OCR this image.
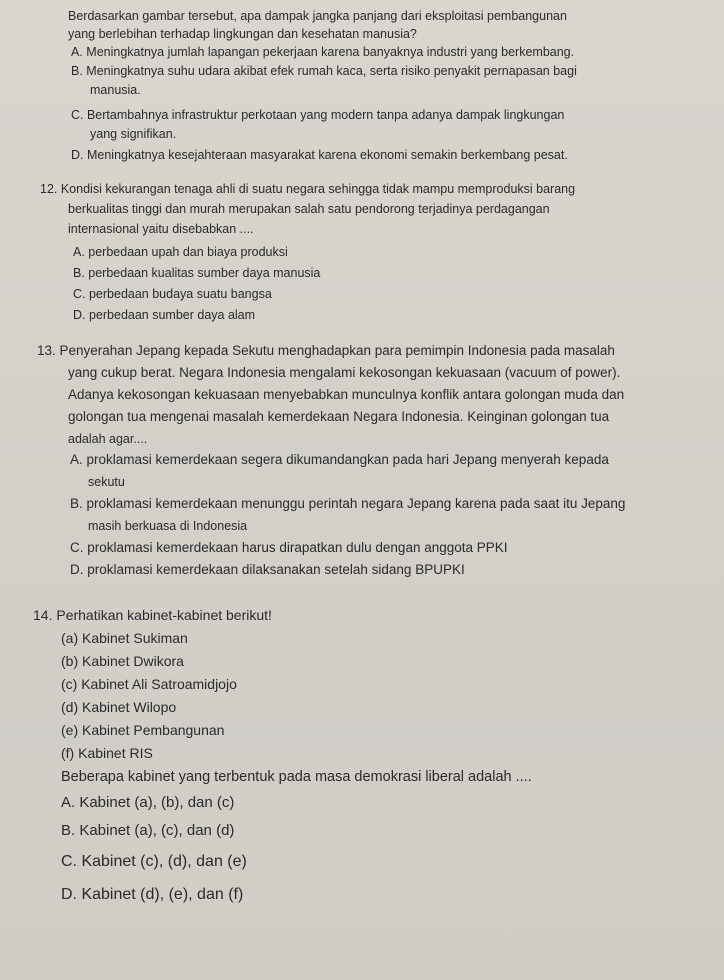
Berdasarkan gambar tersebut, apa dampak jangka panjang dari eksploitasi pembangunan
yang berlebihan terhadap lingkungan dan kesehatan manusia?
A. Meningkatnya jumlah lapangan pekerjaan karena banyaknya industri yang berkembang.
B. Meningkatnya suhu udara akibat efek rumah kaca, serta risiko penyakit pernapasan bagi
manusia.
C. Bertambahnya infrastruktur perkotaan yang modern tanpa adanya dampak lingkungan
yang signifikan.
D. Meningkatnya kesejahteraan masyarakat karena ekonomi semakin berkembang pesat.
12. Kondisi kekurangan tenaga ahli di suatu negara sehingga tidak mampu memproduksi barang
berkualitas tinggi dan murah merupakan salah satu pendorong terjadinya perdagangan
internasional yaitu disebabkan ....
A. perbedaan upah dan biaya produksi
B. perbedaan kualitas sumber daya manusia
C. perbedaan budaya suatu bangsa
D. perbedaan sumber daya alam
13. Penyerahan Jepang kepada Sekutu menghadapkan para pemimpin Indonesia pada masalah
yang cukup berat. Negara Indonesia mengalami kekosongan kekuasaan (vacuum of power).
Adanya kekosongan kekuasaan menyebabkan munculnya konflik antara golongan muda dan
golongan tua mengenai masalah kemerdekaan Negara Indonesia. Keinginan golongan tua
adalah agar....
A. proklamasi kemerdekaan segera dikumandangkan pada hari Jepang menyerah kepada
sekutu
B. proklamasi kemerdekaan menunggu perintah negara Jepang karena pada saat itu Jepang
masih berkuasa di Indonesia
C. proklamasi kemerdekaan harus dirapatkan dulu dengan anggota PPKI
D. proklamasi kemerdekaan dilaksanakan setelah sidang BPUPKI
14. Perhatikan kabinet-kabinet berikut!
(a) Kabinet Sukiman
(b) Kabinet Dwikora
(c) Kabinet Ali Satroamidjojo
(d) Kabinet Wilopo
(e) Kabinet Pembangunan
(f) Kabinet RIS
Beberapa kabinet yang terbentuk pada masa demokrasi liberal adalah ....
A. Kabinet (a), (b), dan (c)
B. Kabinet (a), (c), dan (d)
C. Kabinet (c), (d), dan (e)
D. Kabinet (d), (e), dan (f)
